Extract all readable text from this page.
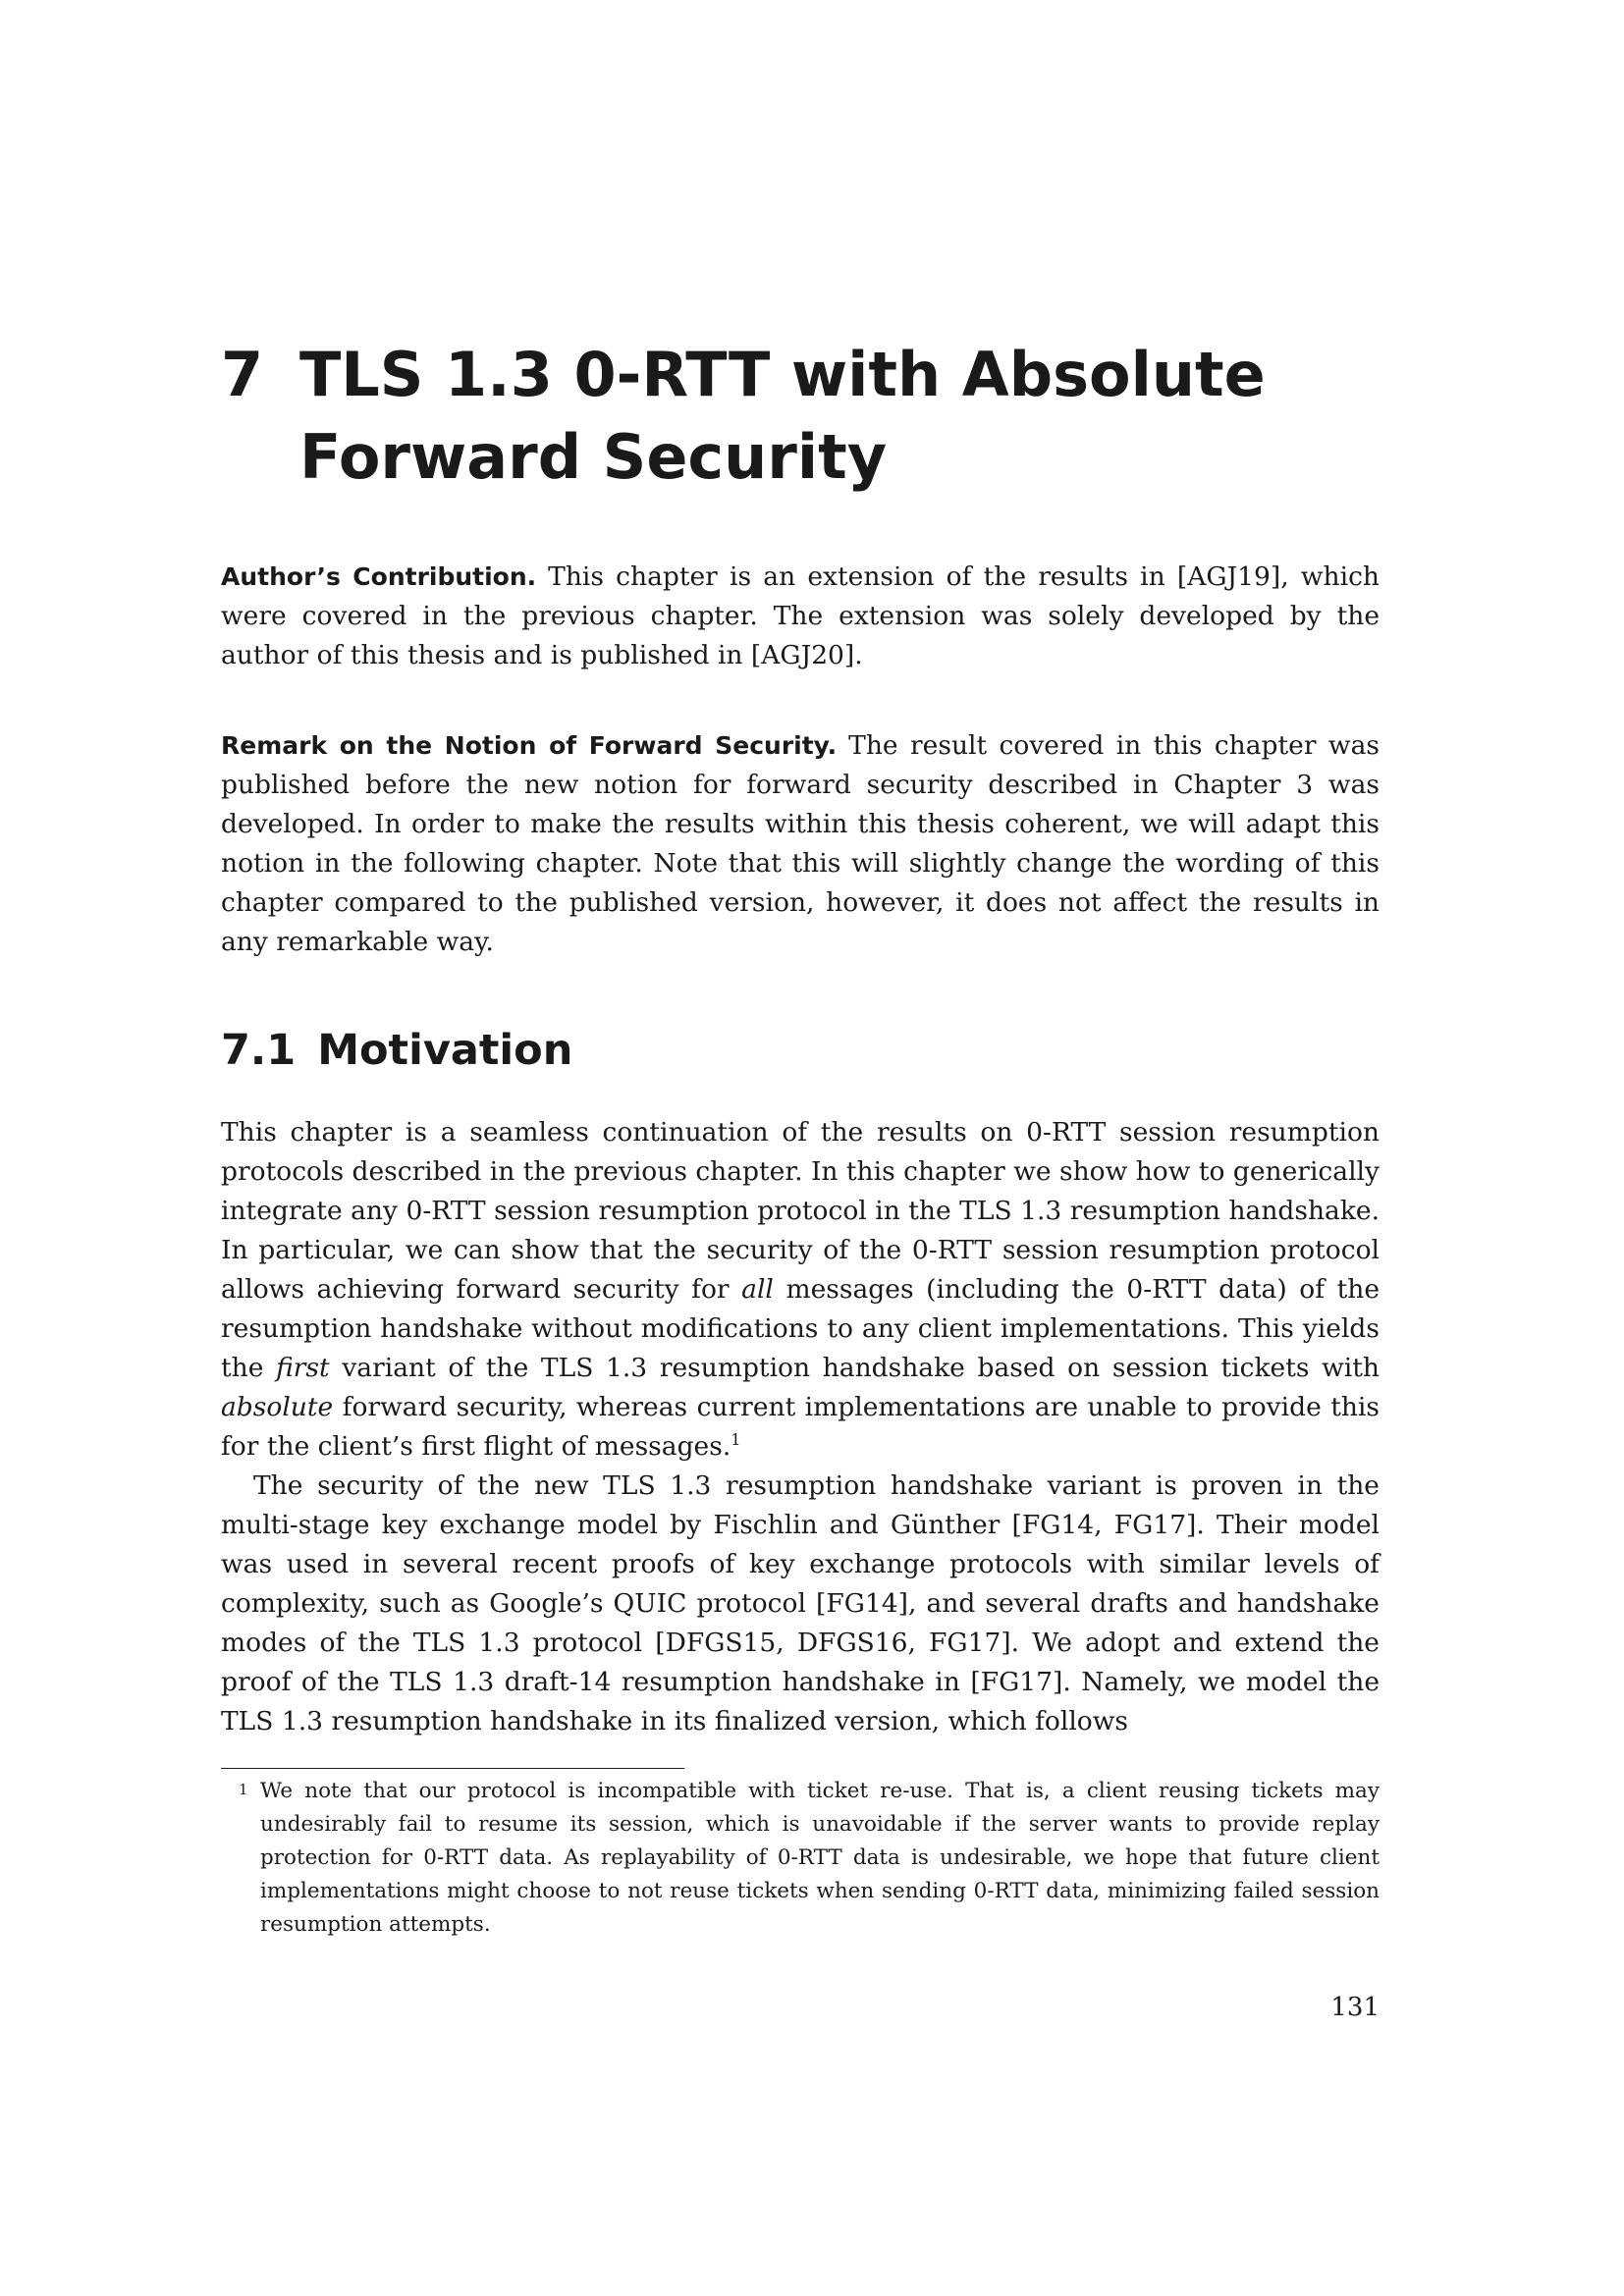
7 TLS 1.3 0-RTT with Absolute Forward Security

Author’s Contribution. This chapter is an extension of the results in [AGJ19], which were covered in the previous chapter. The extension was solely developed by the author of this thesis and is published in [AGJ20].

Remark on the Notion of Forward Security. The result covered in this chapter was published before the new notion for forward security described in Chapter 3 was developed. In order to make the results within this thesis coherent, we will adapt this notion in the following chapter. Note that this will slightly change the wording of this chapter compared to the published version, however, it does not affect the results in any remarkable way.

7.1 Motivation

This chapter is a seamless continuation of the results on 0-RTT session resumption protocols described in the previous chapter. In this chapter we show how to generically integrate any 0-RTT session resumption protocol in the TLS 1.3 resumption handshake. In particular, we can show that the security of the 0-RTT session resumption protocol allows achieving forward security for all messages (including the 0-RTT data) of the resumption handshake without modifications to any client implementations. This yields the first variant of the TLS 1.3 resumption handshake based on session tickets with absolute forward security, whereas current implementations are unable to provide this for the client’s first flight of messages.$^1$

The security of the new TLS 1.3 resumption handshake variant is proven in the multi-stage key exchange model by Fischlin and Günther [FG14, FG17]. Their model was used in several recent proofs of key exchange protocols with similar levels of complexity, such as Google’s QUIC protocol [FG14], and several drafts and handshake modes of the TLS 1.3 protocol [DFGS15, DFGS16, FG17]. We adopt and extend the proof of the TLS 1.3 draft-14 resumption handshake in [FG17]. Namely, we model the TLS 1.3 resumption handshake in its finalized version, which follows

1 We note that our protocol is incompatible with ticket re-use. That is, a client reusing tickets may undesirably fail to resume its session, which is unavoidable if the server wants to provide replay protection for 0-RTT data. As replayability of 0-RTT data is undesirable, we hope that future client implementations might choose to not reuse tickets when sending 0-RTT data, minimizing failed session resumption attempts.

131
